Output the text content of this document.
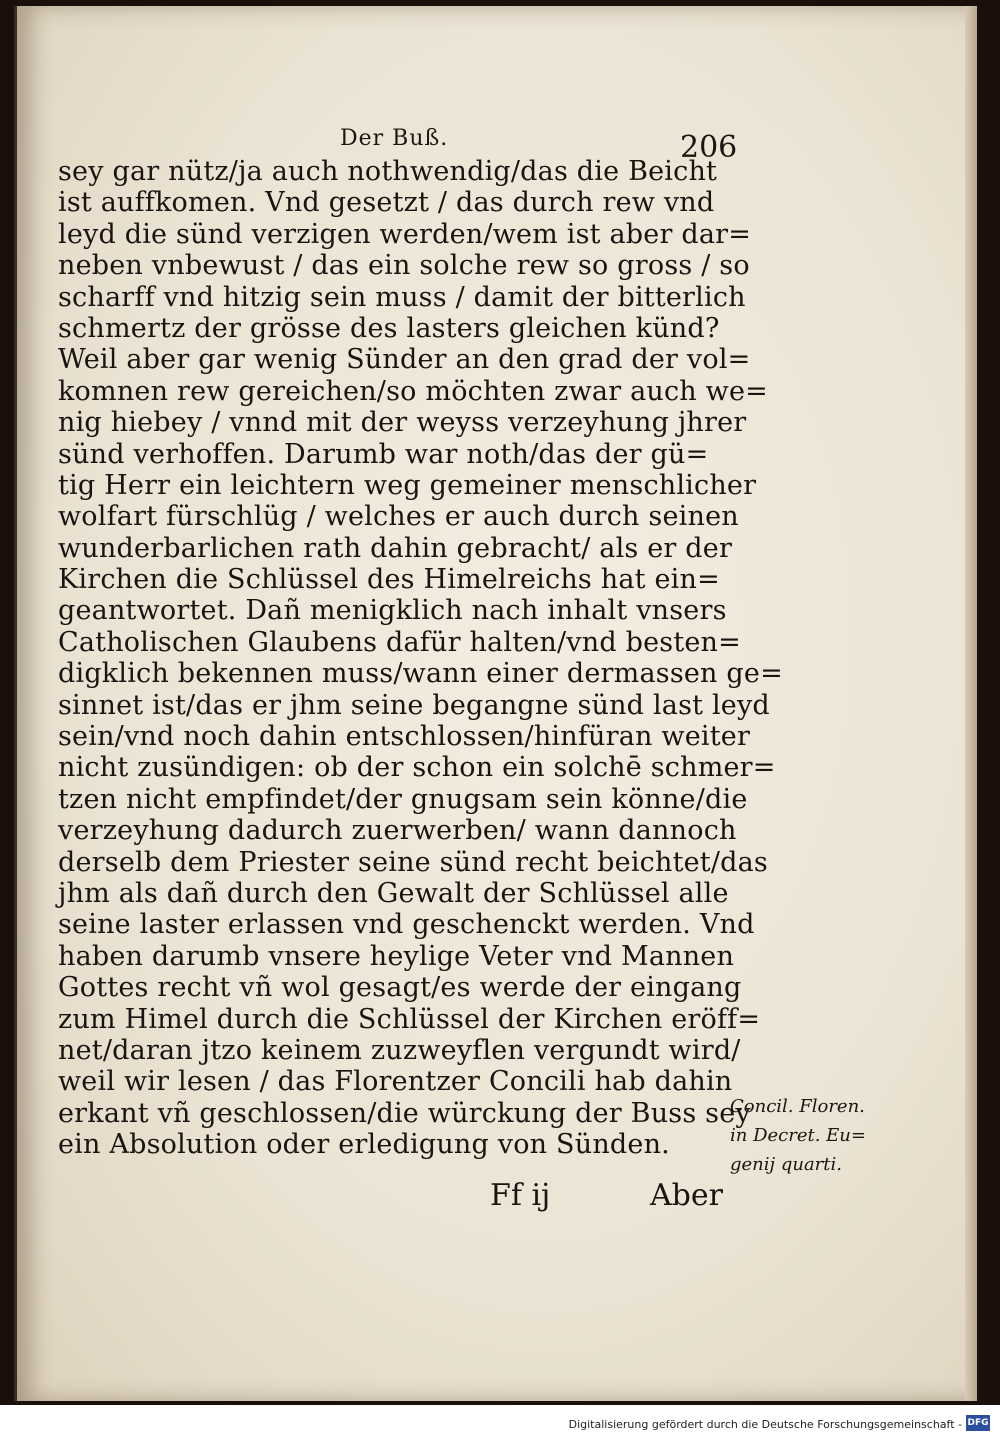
Der Buß.	206
sey gar nütz/ja auch nothwendig/das die Beicht
ist auffkomen. Vnd gesetzt / das durch rew vnd
leyd die sünd verzigen werden/wem ist aber dar=
neben vnbewust / das ein solche rew so gross / so
scharff vnd hitzig sein muss / damit der bitterlich
schmertz der grösse des lasters gleichen künd?
Weil aber gar wenig Sünder an den grad der vol=
komnen rew gereichen/so möchten zwar auch we=
nig hiebey / vnnd mit der weyss verzeyhung jhrer
sünd verhoffen. Darumb war noth/das der gü=
tig Herr ein leichtern weg gemeiner menschlicher
wolfart fürschlüg / welches er auch durch seinen
wunderbarlichen rath dahin gebracht/ als er der
Kirchen die Schlüssel des Himelreichs hat ein=
geantwortet. Dañ menigklich nach inhalt vnsers
Catholischen Glaubens dafür halten/vnd besten=
digklich bekennen muss/wann einer dermassen ge=
sinnet ist/das er jhm seine begangne sünd last leyd
sein/vnd noch dahin entschlossen/hinfüran weiter
nicht zusündigen: ob der schon ein solchē schmer=
tzen nicht empfindet/der gnugsam sein könne/die
verzeyhung dadurch zuerwerben/ wann dannoch
derselb dem Priester seine sünd recht beichtet/das
jhm als dañ durch den Gewalt der Schlüssel alle
seine laster erlassen vnd geschenckt werden. Vnd
haben darumb vnsere heylige Veter vnd Mannen
Gottes recht vñ wol gesagt/es werde der eingang
zum Himel durch die Schlüssel der Kirchen eröff=
net/daran jtzo keinem zuzweyflen vergundt wird/
weil wir lesen / das Florentzer Concili hab dahin
erkant vñ geschlossen/die würckung der Buss sey
ein Absolution oder erledigung von Sünden.
Concil. Floren.
in Decret. Eu=
genij quarti.
Ff ij	Aber
Digitalisierung gefördert durch die Deutsche Forschungsgemeinschaft - DFG
